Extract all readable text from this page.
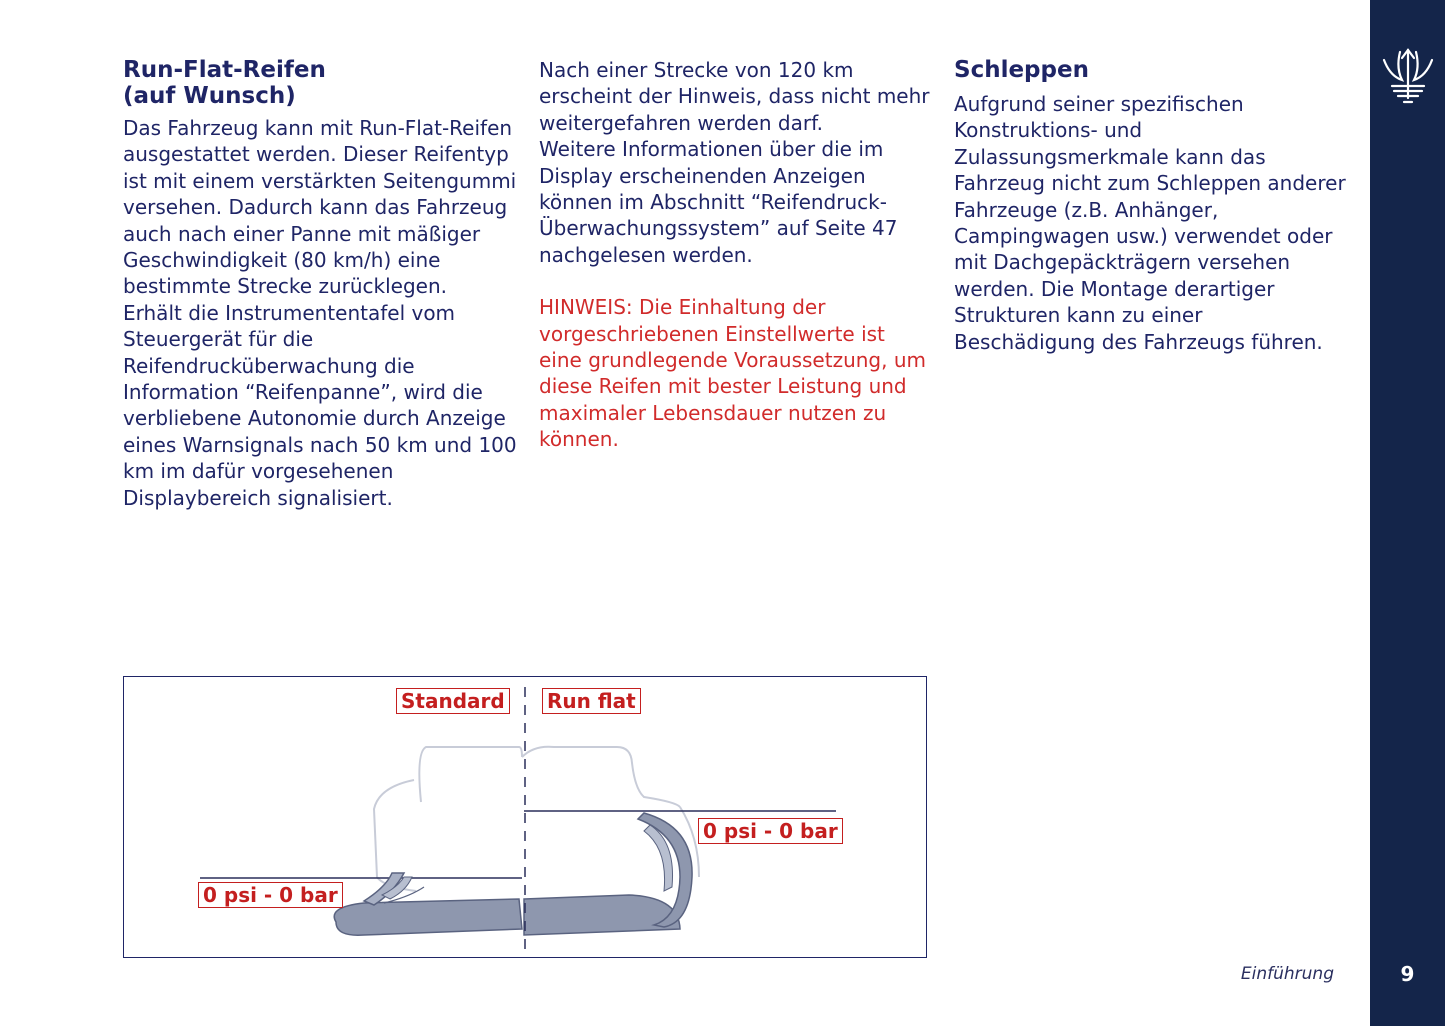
Run-Flat-Reifen
(auf Wunsch)

Das Fahrzeug kann mit Run-Flat-Reifen
ausgestattet werden. Dieser Reifentyp
ist mit einem verstärkten Seitengummi
versehen. Dadurch kann das Fahrzeug
auch nach einer Panne mit mäßiger
Geschwindigkeit (80 km/h) eine
bestimmte Strecke zurücklegen.
Erhält die Instrumententafel vom
Steuergerät für die
Reifendrucküberwachung die
Information “Reifenpanne”, wird die
verbliebene Autonomie durch Anzeige
eines Warnsignals nach 50 km und 100
km im dafür vorgesehenen
Displaybereich signalisiert.

Nach einer Strecke von 120 km
erscheint der Hinweis, dass nicht mehr
weitergefahren werden darf.
Weitere Informationen über die im
Display erscheinenden Anzeigen
können im Abschnitt “Reifendruck-
Überwachungssystem” auf Seite 47
nachgelesen werden.

HINWEIS: Die Einhaltung der
vorgeschriebenen Einstellwerte ist
eine grundlegende Voraussetzung, um
diese Reifen mit bester Leistung und
maximaler Lebensdauer nutzen zu
können.

Schleppen

Aufgrund seiner spezifischen
Konstruktions- und
Zulassungsmerkmale kann das
Fahrzeug nicht zum Schleppen anderer
Fahrzeuge (z.B. Anhänger,
Campingwagen usw.) verwendet oder
mit Dachgepäckträgern versehen
werden. Die Montage derartiger
Strukturen kann zu einer
Beschädigung des Fahrzeugs führen.

Standard Run flat
0 psi - 0 bar
0 psi - 0 bar
Einführung	9
